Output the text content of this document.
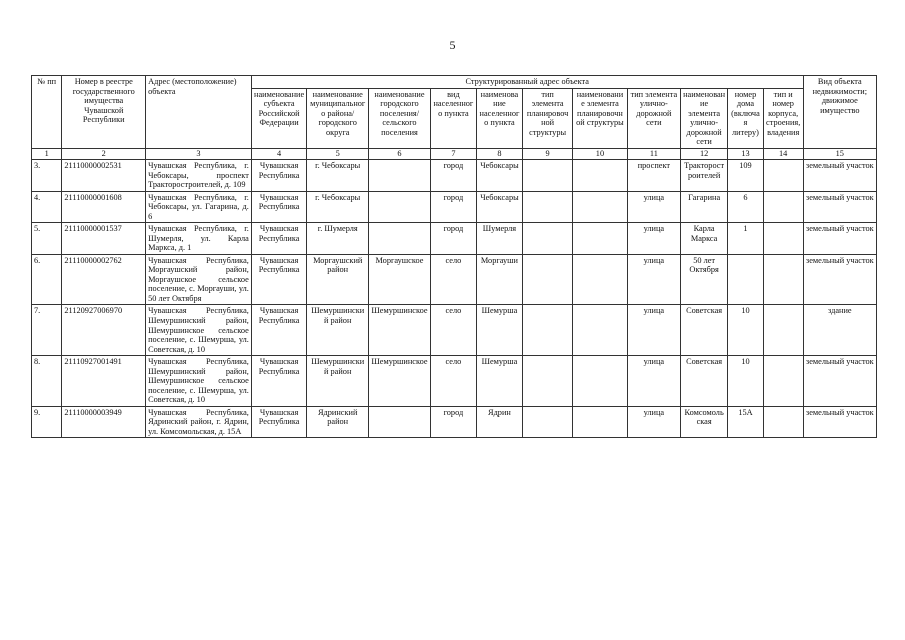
5
№ пп	Номер в реестре государственного имущества Чувашской Республики	Адрес (местоположение) объекта	Структурированный адрес объекта											Вид объекта недвижимости; движимое имущество
			наименование субъекта Российской Федерации	наименование муниципального района/городского округа	наименование городского поселения/сельского поселения	вид населенного пункта	наименование населенного пункта	тип элемента планировочной структуры	наименование элемента планировочной структуры	тип элемента улично-дорожной сети	наименование элемента улично-дорожной сети	номер дома (включая литеру)	тип и номер корпуса, строения, владения	
1	2	3	4	5	6	7	8	9	10	11	12	13	14	15
3.	21110000002531	Чувашская Республика, г. Чебоксары, проспект Тракторостроителей, д. 109	Чувашская Республика	г. Чебоксары		город	Чебоксары			проспект	Тракторостроителей	109		земельный участок
4.	21110000001608	Чувашская Республика, г. Чебоксары, ул. Гагарина, д. 6	Чувашская Республика	г. Чебоксары		город	Чебоксары			улица	Гагарина	6		земельный участок
5.	21110000001537	Чувашская Республика, г. Шумерля, ул. Карла Маркса, д. 1	Чувашская Республика	г. Шумерля		город	Шумерля			улица	Карла Маркса	1		земельный участок
6.	21110000002762	Чувашская Республика, Моргаушский район, Моргаушское сельское поселение, с. Моргауши, ул. 50 лет Октября	Чувашская Республика	Моргаушский район	Моргаушское	село	Моргауши			улица	50 лет Октября			земельный участок
7.	21120927006970	Чувашская Республика, Шемуршинский район, Шемуршинское сельское поселение, с. Шемурша, ул. Советская, д. 10	Чувашская Республика	Шемуршинский район	Шемуршинское	село	Шемурша			улица	Советская	10		здание
8.	21110927001491	Чувашская Республика, Шемуршинский район, Шемуршинское сельское поселение, с. Шемурша, ул. Советская, д. 10	Чувашская Республика	Шемуршинский район	Шемуршинское	село	Шемурша			улица	Советская	10		земельный участок
9.	21110000003949	Чувашская Республика, Ядринский район, г. Ядрин, ул. Комсомольская, д. 15А	Чувашская Республика	Ядринский район		город	Ядрин			улица	Комсомольская	15А		земельный участок
